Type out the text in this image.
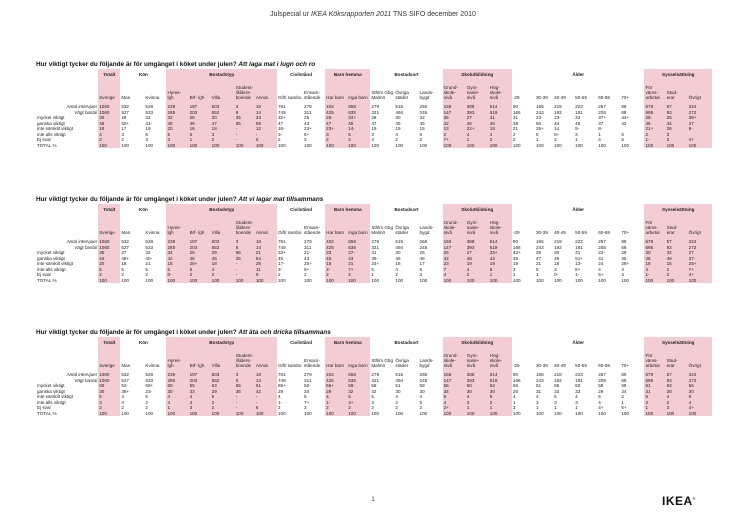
Julspecial ur IKEA Köksrapporten 2011 TNS SIFO december 2010
Hur viktigt tycker du följande är för umgänget i köket under julen? Att laga mat i lugn och ro
	Totalt	Kön		Bostadstyp					Civilstånd		Barn hemma		Bostadsort			Skolutbildning			Ålder						Sysselsättning		
	Sverige	Man	Kvinna	Hyres- lgh	Brf- lgh	Villa	Student- /ålders- boende	Annat	Gift/ sambo	Ensam- stående	Har barn	Inga barn	Sthlm Gbg Malmö	Övriga städer	Lands- bygd	Grund- skole- nivå	Gym- nasie- nivå	Hög- skole- nivå	-29	30-39	40-49	50-59	60-69	70+	För värvs- arbetar	Stud- erar	Övrigt

Antal intervjuer	1060	532	528	239	197	603	3	18	781	279	402	658	279	515	266	156	388	514	90	166	219	223	267	89	679	57	324
Vägt bastal	1060	527	533	285	203	552	6	14	749	311	425	635	321	494	245	147	393	519	166	243	192	181	205	68	695	93	272
mycket viktigt	30	28	32	32	28	30	35	23	32+	25	25-	34+	28	30	32	35	27	31	31	23-	23-	33	37+	44+	28-	25	38+
ganska viktigt	46	50+	41-	40	49	47	65	59	47	43	47	45	47	45	45	42	46	46	38	50	44	48	47	42	45	44	47
inte särskilt viktigt	18	17	19	20	16	18	-	12	16-	23+	23+	14-	19	19	15	13	22+	16	21	25+	14	9-	8-		21+	26	8-
inte alls viktigt	4	3	5	5	6	3	-	-	3-	6+	3	5	3	4	6	2	4	4	2	5	6+	3	1	5	2	3	
Ej svar	2	2	3	3	1	2	-	6	2	3	2	2	4	2	2	7+	1	2	2	1	2	1	4	5	1-	3	4+
TOTAL %	100	100	100	100	100	100	100	100	100	100	100	100	100	100	100	100	100	100	100	100	100	100	100	100	100	100	100
Hur viktigt tycker du följande är för umgänget i köket under julen? Att vi lagar mat tillsammans
	Totalt	Kön		Bostadstyp					Civilstånd		Barn hemma		Bostadsort			Skolutbildning			Ålder						Sysselsättning		
	Sverige	Man	Kvinna	Hyres- lgh	Brf- lgh	Villa	Student- /ålders- boende	Annat	Gift/ sambo	Ensam- stående	Har barn	Inga barn	Sthlm Gbg Malmö	Övriga städer	Lands- bygd	Grund- skole- nivå	Gym- nasie- nivå	Hög- skole- nivå	-29	30-39	40-49	50-59	60-69	70+	För värvs- arbetar	Stud- erar	Övrigt

Antal intervjuer	1060	532	528	239	197	603	3	18	781	279	402	658	279	515	266	156	388	514	90	166	219	223	267	89	679	57	324
Vägt bastal	1060	527	533	285	203	552	6	14	749	311	425	635	321	494	245	147	393	519	166	243	192	181	205	68	695	93	272
mycket viktigt	30	27	32	34	25	29	65	21	33+	21-	33	27-	31	30	26	25	27	33+	43+	26	30	31	23-	29	30	32	27
ganska viktigt	44	48+	40-	42	46	45	35	64	45	43	46	43	39-	46	48	42	48	42	35	47	49	51+	41	35	46	49	37-
inte särskilt viktigt	20	18	21	18	26+	18	-	28	17-	25+	18	21	24+	18	17	23	19	19	19	21	18	13-	24	29+	18	15	25+
inte alls viktigt	5	5	5	6	5	4	-	11	3-	9+	2-	7+	5	4	6	7	4	5	3	5	3	8+	4	4	4	2	7+
Ej svar	2	2	2	0-	2	2	-	6	2	2	2	2	1	2	3	4	2	1	1	1	0-	1-	5+	3	1-	2	4+
TOTAL %	100	100	100	100	100	100	100	100	100	100	100	100	100	100	100	100	100	100	100	100	100	100	100	100	100	100	100
Hur viktigt tycker du följande är för umgänget i köket under julen? Att äta och dricka tillsammans
	Totalt	Kön		Bostadstyp					Civilstånd		Barn hemma		Bostadsort			Skolutbildning			Ålder						Sysselsättning		
	Sverige	Man	Kvinna	Hyres- lgh	Brf- lgh	Villa	Student- /ålders- boende	Annat	Gift/ sambo	Ensam- stående	Har barn	Inga barn	Sthlm Gbg Malmö	Övriga städer	Lands- bygd	Grund- skole- nivå	Gym- nasie- nivå	Hög- skole- nivå	-29	30-39	40-49	50-59	60-69	70+	För värvs- arbetar	Stud- erar	Övrigt

Antal intervjuer	1060	532	528	239	197	603	3	18	781	279	402	658	279	515	266	156	388	514	90	166	219	223	267	89	679	57	324
Vägt bastal	1060	527	533	285	203	552	6	14	749	311	425	635	321	494	245	147	393	519	166	243	192	181	205	68	695	93	272
mycket viktigt	60	52-	69+	60	55	63	65	51	65+	50-	66+	56-	59	61	59	55	60	62	66	61	58	60	58	68	61	63	56
ganska viktigt	30	38+	23-	30	33	29	35	42	29	34	29	32	32	30	30	34	30	30	26	31	33	33	29	34	31	28	30
inte särskilt viktigt	5	4	5	4	4	5	-	-	4	5	4	5	5	4	4	6	4	5	4	4	6	4	5	2	5	4	5
inte alls viktigt	3	4	2	4	4	2	-	-	1-	7+	1-	4+	3	2	5	4	3	2	1	3	3	3	4	1	3	2	4
Ej svar	2	2	2	1	3	2	-	6	2	3	2	2	2	2	2	2+	1	1	3	1	1	1	4+	5+	1	3	4+
TOTAL %	100	100	100	100	100	100	100	100	100	100	100	100	100	100	100	100	100	100	100	100	100	100	100	100	100	100	100
1	IKEA®
